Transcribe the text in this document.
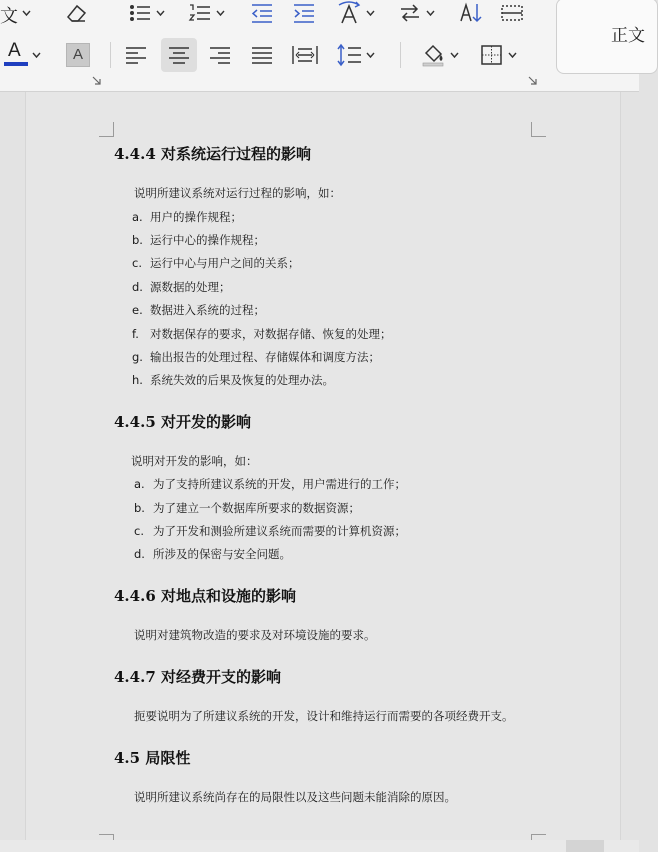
文
正文
A	A
4.4.4 对系统运行过程的影响
说明所建议系统对运行过程的影响，如：
a. 用户的操作规程；
b. 运行中心的操作规程；
c. 运行中心与用户之间的关系；
d. 源数据的处理；
e. 数据进入系统的过程；
f. 对数据保存的要求，对数据存储、恢复的处理；
g. 输出报告的处理过程、存储媒体和调度方法；
h. 系统失效的后果及恢复的处理办法。
4.4.5 对开发的影响
说明对开发的影响，如：
a. 为了支持所建议系统的开发，用户需进行的工作；
b. 为了建立一个数据库所要求的数据资源；
c. 为了开发和测验所建议系统而需要的计算机资源；
d. 所涉及的保密与安全问题。
4.4.6 对地点和设施的影响
说明对建筑物改造的要求及对环境设施的要求。
4.4.7 对经费开支的影响
扼要说明为了所建议系统的开发，设计和维持运行而需要的各项经费开支。
4.5 局限性
说明所建议系统尚存在的局限性以及这些问题未能消除的原因。
